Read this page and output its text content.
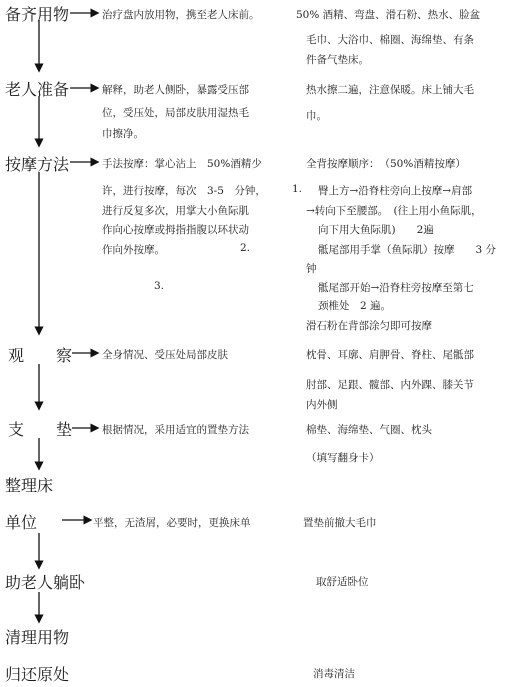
备齐用物
老人准备
按摩方法
观　　察
支　　垫
整理床
单位
助老人躺卧
清理用物
归还原处
治疗盘内放用物，携至老人床前。
解释，助老人侧卧，暴露受压部
位，受压处，局部皮肤用湿热毛
巾擦净。
手法按摩：掌心沾上　50%酒精少
许，进行按摩，每次　3-5　分钟，
进行反复多次，用掌大小鱼际肌
作向心按摩或拇指指腹以环状动
作向外按摩。	2.
3.
全身情况、受压处局部皮肤
根据情况，采用适宜的置垫方法
平整，无渣屑，必要时，更换床单
50% 酒精、弯盘、滑石粉、热水、脸盆
毛巾、大浴巾、棉圈、海绵垫、有条
件备气垫床。
热水擦二遍，注意保暖。床上铺大毛
巾。
全背按摩顺序：　（50%酒精按摩）
1. 臀上方→沿脊柱旁向上按摩→肩部
→转向下至腰部。　(往上用小鱼际肌，
向下用大鱼际肌)　　2遍
骶尾部用手掌（鱼际肌）按摩　　3 分
钟
骶尾部开始→沿脊柱旁按摩至第七
颈椎处　2 遍。
滑石粉在背部涂匀即可按摩
枕骨、耳廓、肩胛骨、脊柱、尾骶部
肘部、足跟、髋部、内外踝、膝关节
内外侧
棉垫、海绵垫、气圈、枕头
（填写翻身卡）
置垫前撤大毛巾
取舒适卧位
消毒清洁
